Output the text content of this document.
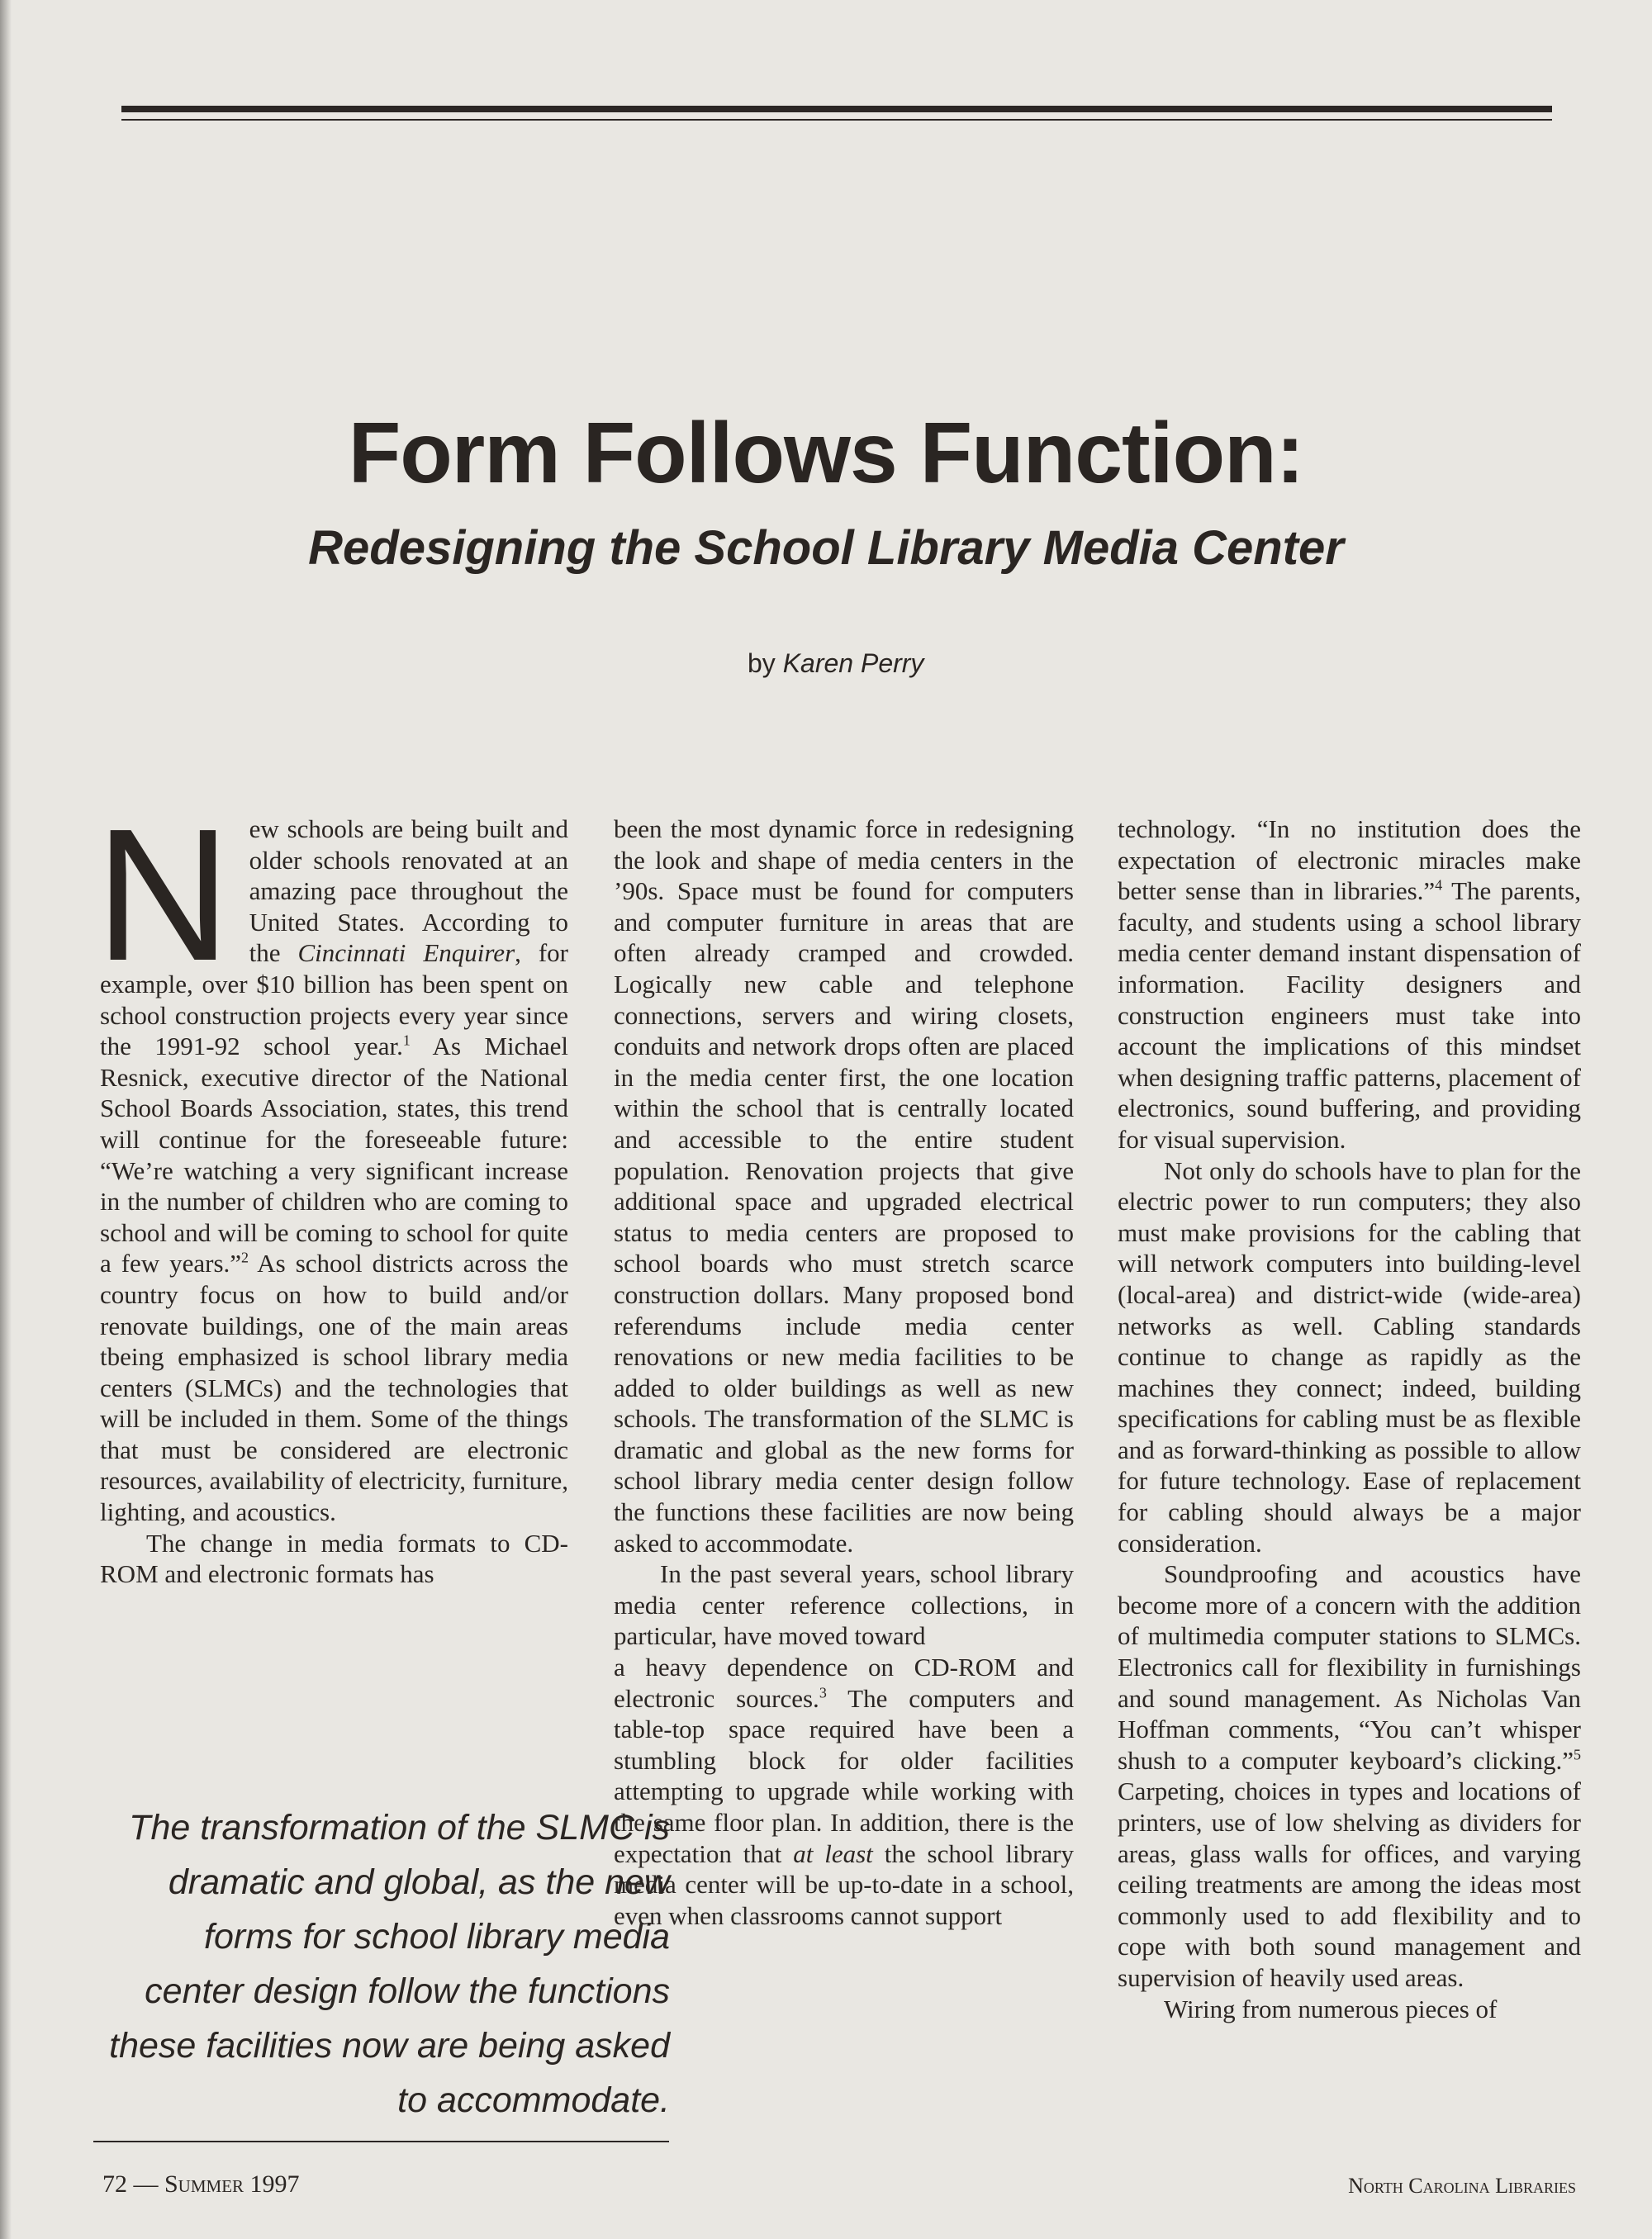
Form Follows Function:
Redesigning the School Library Media Center
by Karen Perry

New schools are being built and older schools renovated at an amazing pace throughout the United States. According to the Cincinnati Enquirer, for example, over $10 billion has been spent on school construction projects every year since the 1991-92 school year.$^1$ As Michael Resnick, executive director of the National School Boards Association, states, this trend will continue for the foreseeable future: “We’re watching a very significant increase in the number of children who are coming to school and will be coming to school for quite a few years.”$^2$ As school districts across the country focus on how to build and/or renovate buildings, one of the main areas tbeing emphasized is school library media centers (SLMCs) and the technologies that will be included in them. Some of the things that must be considered are electronic resources, availability of electricity, furniture, lighting, and acoustics.

The change in media formats to CD-ROM and electronic formats has

been the most dynamic force in redesigning the look and shape of media centers in the ’90s. Space must be found for computers and computer furniture in areas that are often already cramped and crowded. Logically new cable and telephone connections, servers and wiring closets, conduits and network drops often are placed in the media center first, the one location within the school that is centrally located and accessible to the entire student population. Renovation projects that give additional space and upgraded electrical status to media centers are proposed to school boards who must stretch scarce construction dollars. Many proposed bond referendums include media center renovations or new media facilities to be added to older buildings as well as new schools. The transformation of the SLMC is dramatic and global as the new forms for school library media center design follow the functions these facilities are now being asked to accommodate.

In the past several years, school library media center reference collections, in particular, have moved toward

a heavy dependence on CD-ROM and electronic sources.$^3$ The computers and table-top space required have been a stumbling block for older facilities attempting to upgrade while working with the same floor plan. In addition, there is the expectation that at least the school library media center will be up-to-date in a school, even when classrooms cannot support

technology. “In no institution does the expectation of electronic miracles make better sense than in libraries.”$^4$ The parents, faculty, and students using a school library media center demand instant dispensation of information. Facility designers and construction engineers must take into account the implications of this mindset when designing traffic patterns, placement of electronics, sound buffering, and providing for visual supervision.

Not only do schools have to plan for the electric power to run computers; they also must make provisions for the cabling that will network computers into building-level (local-area) and district-wide (wide-area) networks as well. Cabling standards continue to change as rapidly as the machines they connect; indeed, building specifications for cabling must be as flexible and as forward-thinking as possible to allow for future technology. Ease of replacement for cabling should always be a major consideration.

Soundproofing and acoustics have become more of a concern with the addition of multimedia computer stations to SLMCs. Electronics call for flexibility in furnishings and sound management. As Nicholas Van Hoffman comments, “You can’t whisper shush to a computer keyboard’s clicking.”$^5$ Carpeting, choices in types and locations of printers, use of low shelving as dividers for areas, glass walls for offices, and varying ceiling treatments are among the ideas most commonly used to add flexibility and to cope with both sound management and supervision of heavily used areas.

Wiring from numerous pieces of

The transformation of the SLMC is dramatic and global, as the new forms for school library media center design follow the functions these facilities now are being asked to accommodate.
72 — Summer 1997	North Carolina Libraries
